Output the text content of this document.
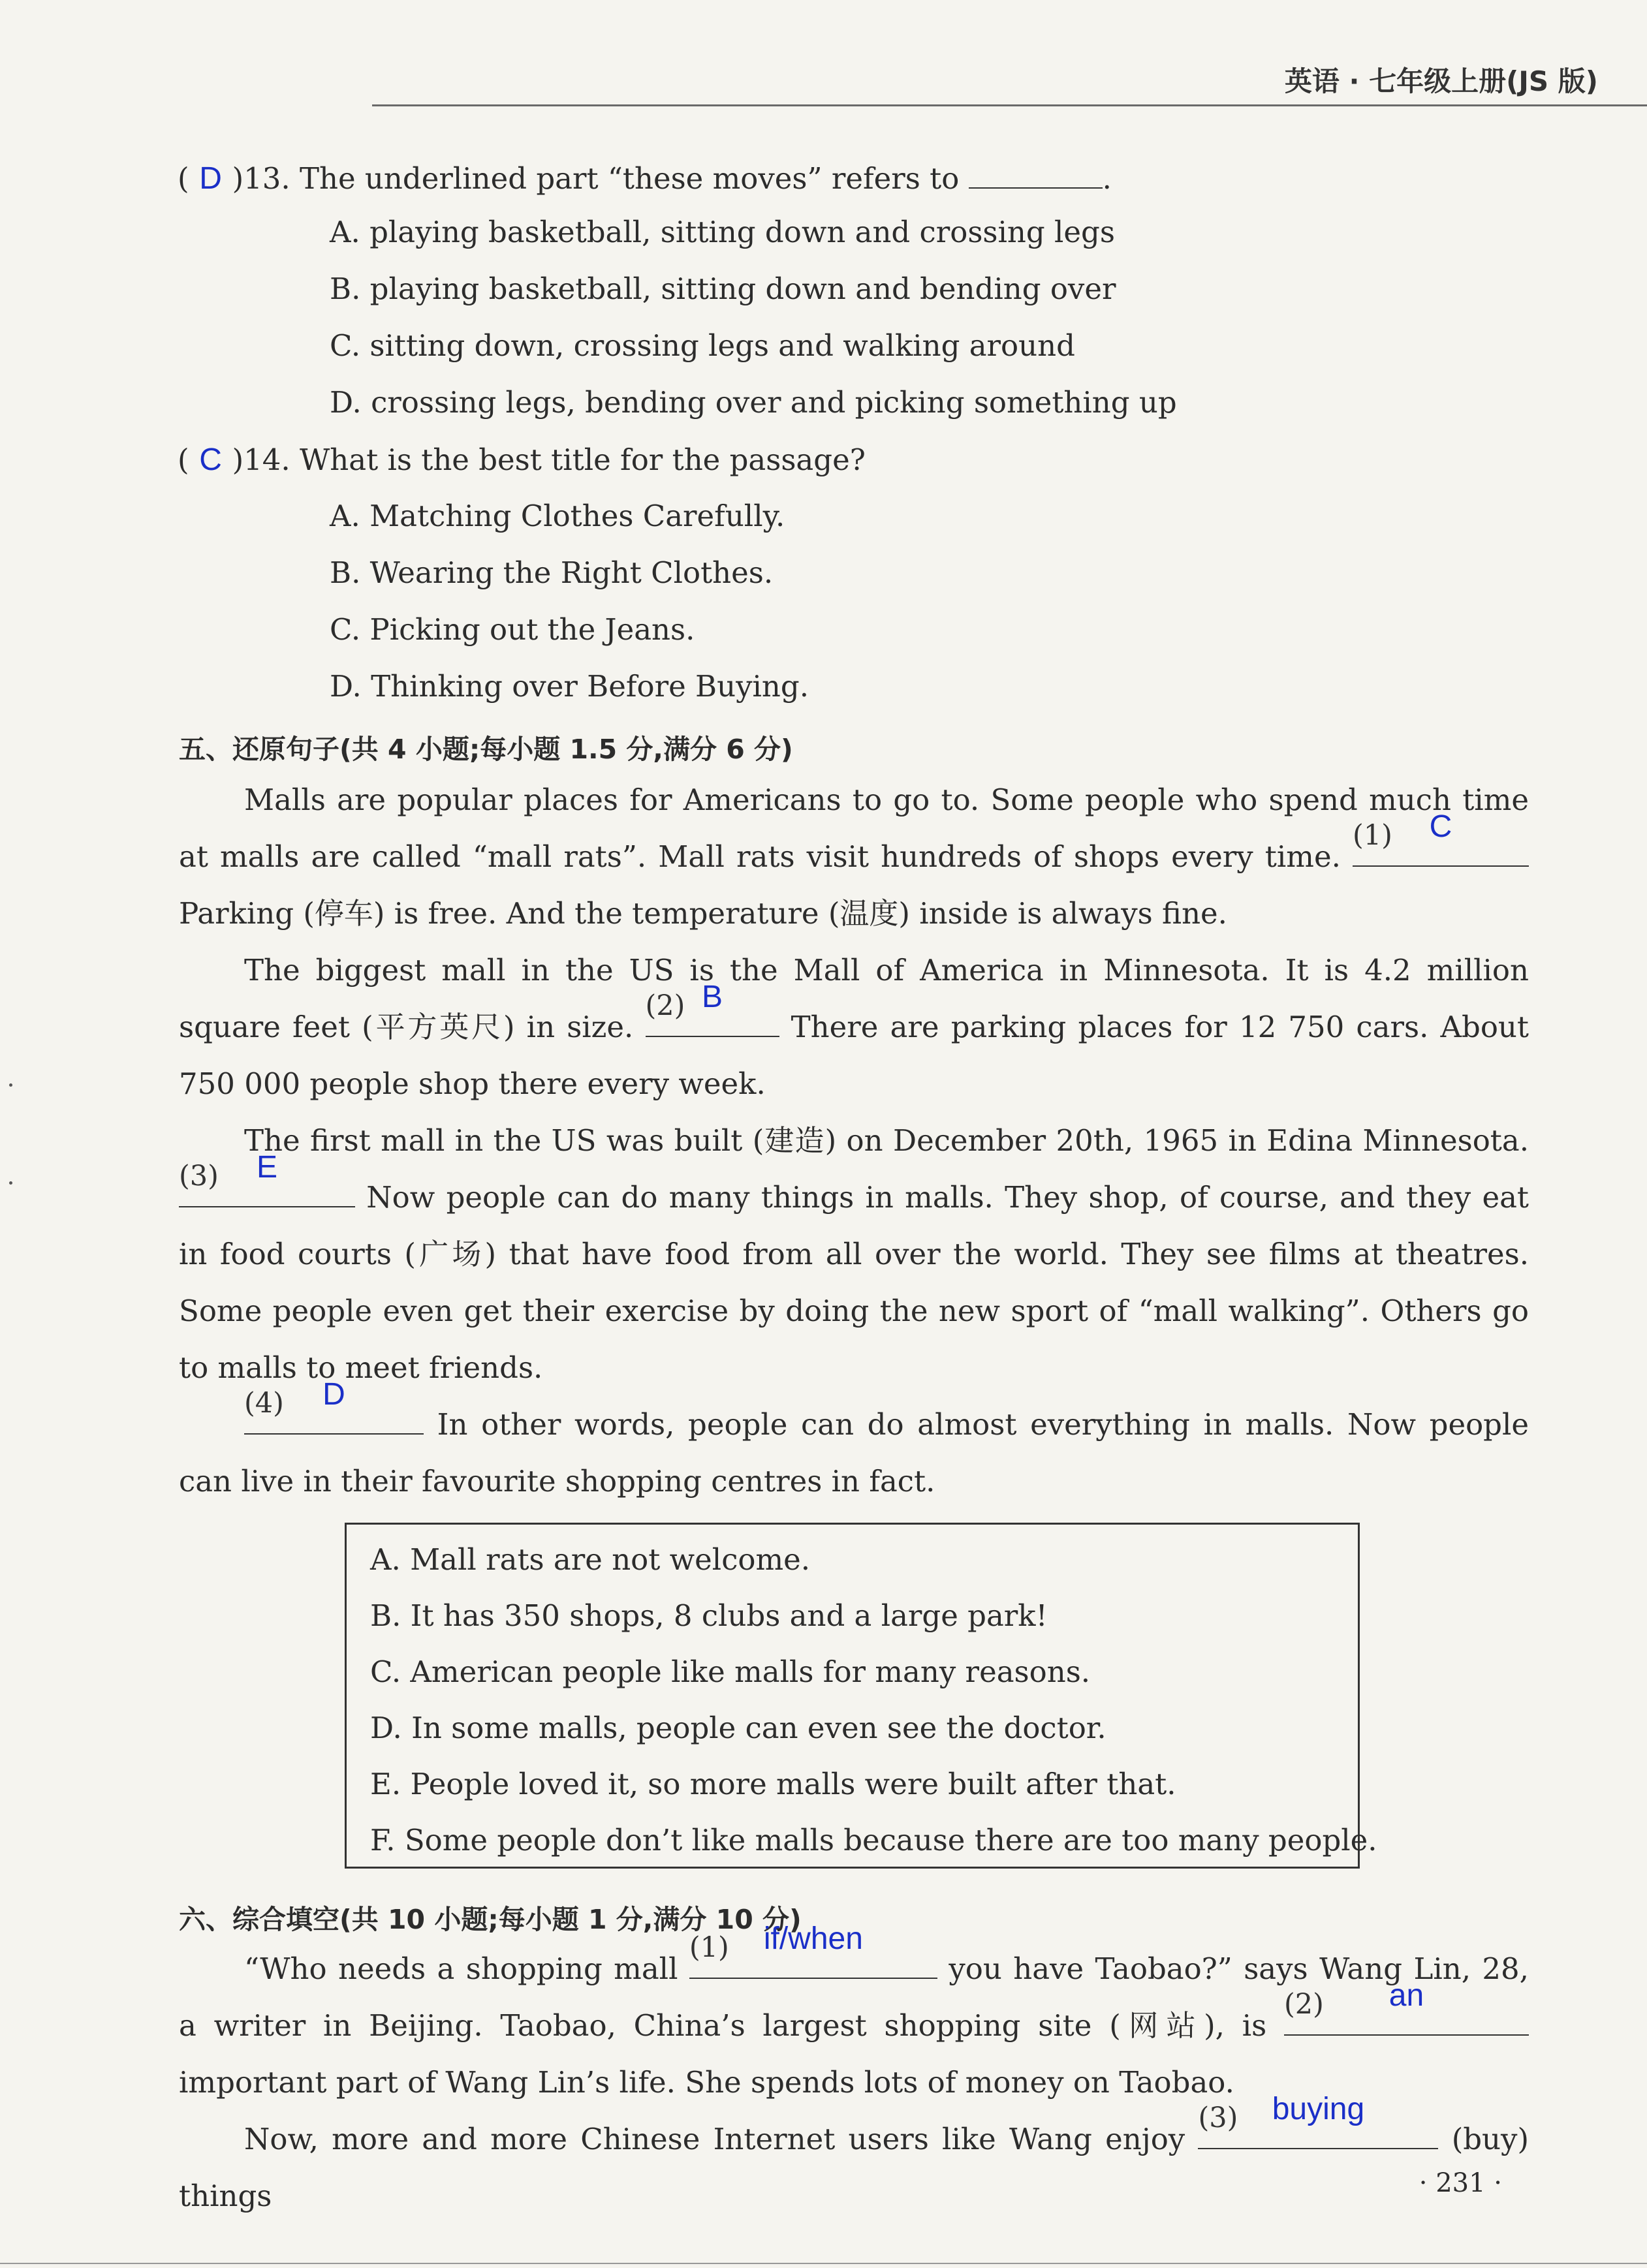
英语 · 七年级上册(JS 版)
( D )13. The underlined part “these moves” refers to	.
A. playing basketball, sitting down and crossing legs
B. playing basketball, sitting down and bending over
C. sitting down, crossing legs and walking around
D. crossing legs, bending over and picking something up
( C )14. What is the best title for the passage?
A. Matching Clothes Carefully.
B. Wearing the Right Clothes.
C. Picking out the Jeans.
D. Thinking over Before Buying.
五、还原句子(共 4 小题;每小题 1.5 分,满分 6 分)
Malls are popular places for Americans to go to. Some people who spend much time at malls are called “mall rats”. Mall rats visit hundreds of shops every time.
(1)	C
Parking (停车) is free. And the temperature (温度) inside is always fine.
The biggest mall in the US is the Mall of America in Minnesota. It is 4.2 million square feet (平方英尺) in size.
(2) B
There are parking places for 12 750 cars. About 750 000 people shop there every week.
The first mall in the US was built (建造) on December 20th, 1965 in Edina Minnesota.
(3)	E
Now people can do many things in malls. They shop, of course, and they eat in food courts (广场) that have food from all over the world. They see films at theatres. Some people even get their exercise by doing the new sport of “mall walking”. Others go to malls to meet friends.
(4)	D
In other words, people can do almost everything in malls. Now people can live in their favourite shopping centres in fact.
A. Mall rats are not welcome.
B. It has 350 shops, 8 clubs and a large park!
C. American people like malls for many reasons.
D. In some malls, people can even see the doctor.
E. People loved it, so more malls were built after that.
F. Some people don’t like malls because there are too many people.
六、综合填空(共 10 小题;每小题 1 分,满分 10 分)
“Who needs a shopping mall
(1)	if/when
you have Taobao?” says Wang Lin, 28, a writer in Beijing. Taobao, China’s largest shopping site (网站), is
(2)	an
important part of Wang Lin’s life. She spends lots of money on Taobao.
Now, more and more Chinese Internet users like Wang enjoy
(3)	buying
(buy) things	· 231 ·
